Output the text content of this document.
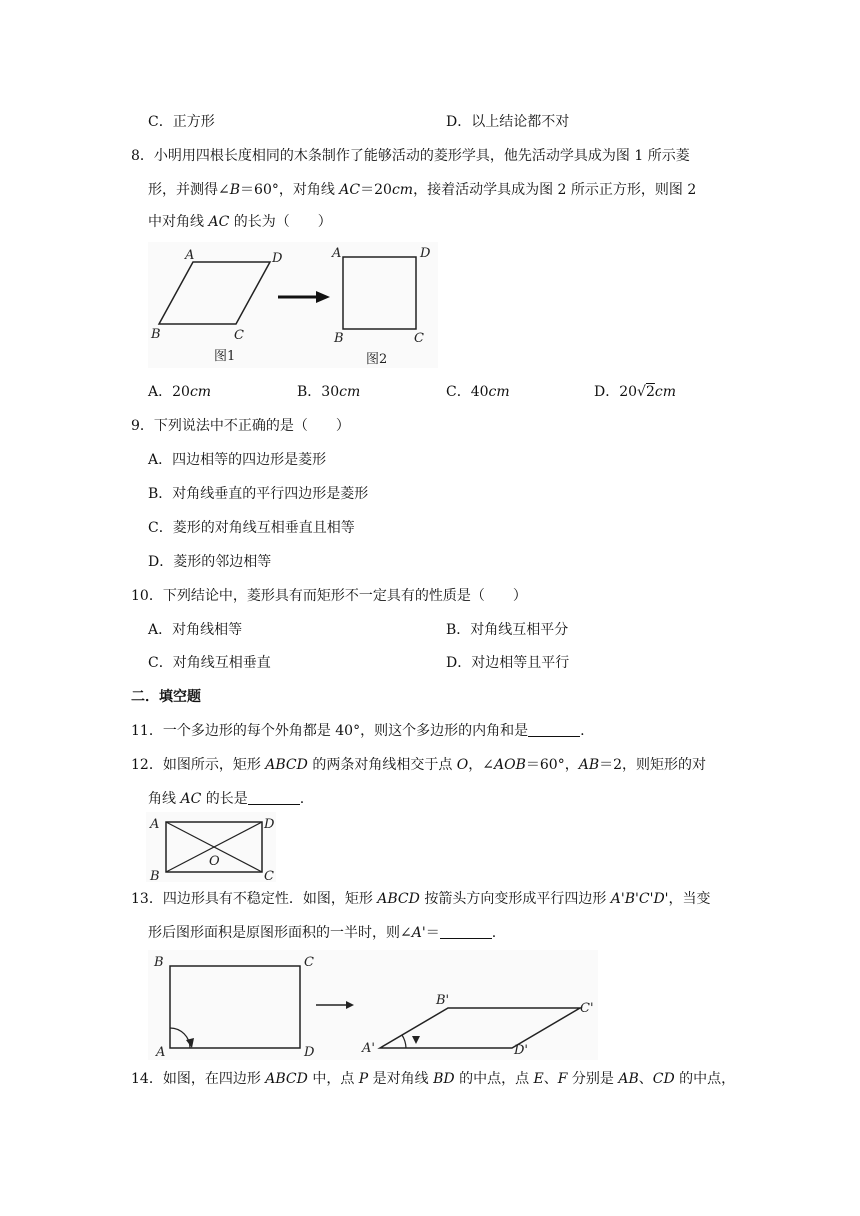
C．正方形	D．以上结论都不对
8．小明用四根长度相同的木条制作了能够活动的菱形学具，他先活动学具成为图 1 所示菱
形，并测得∠B＝60°，对角线 AC＝20cm，接着活动学具成为图 2 所示正方形，则图 2
中对角线 AC 的长为（　　）
A	D
B	C
图1
A	D
B	C
图2
A．20cm	B．30cm	C．40cm	D．20√2cm
9．下列说法中不正确的是（　　）
A．四边相等的四边形是菱形
B．对角线垂直的平行四边形是菱形
C．菱形的对角线互相垂直且相等
D．菱形的邻边相等
10．下列结论中，菱形具有而矩形不一定具有的性质是（　　）
A．对角线相等	B．对角线互相平分
C．对角线互相垂直	D．对边相等且平行
二．填空题
11．一个多边形的每个外角都是 40°，则这个多边形的内角和是	.
12．如图所示，矩形 ABCD 的两条对角线相交于点 O，∠AOB＝60°，AB＝2，则矩形的对
角线 AC 的长是	.
A	D
B	C
O
13．四边形具有不稳定性．如图，矩形 ABCD 按箭头方向变形成平行四边形 A'B'C'D'，当变
形后图形面积是原图形面积的一半时，则∠A'＝	.
B	C
A	D	A'
B'
C'
D'
14．如图，在四边形 ABCD 中，点 P 是对角线 BD 的中点，点 E、F 分别是 AB、CD 的中点，
